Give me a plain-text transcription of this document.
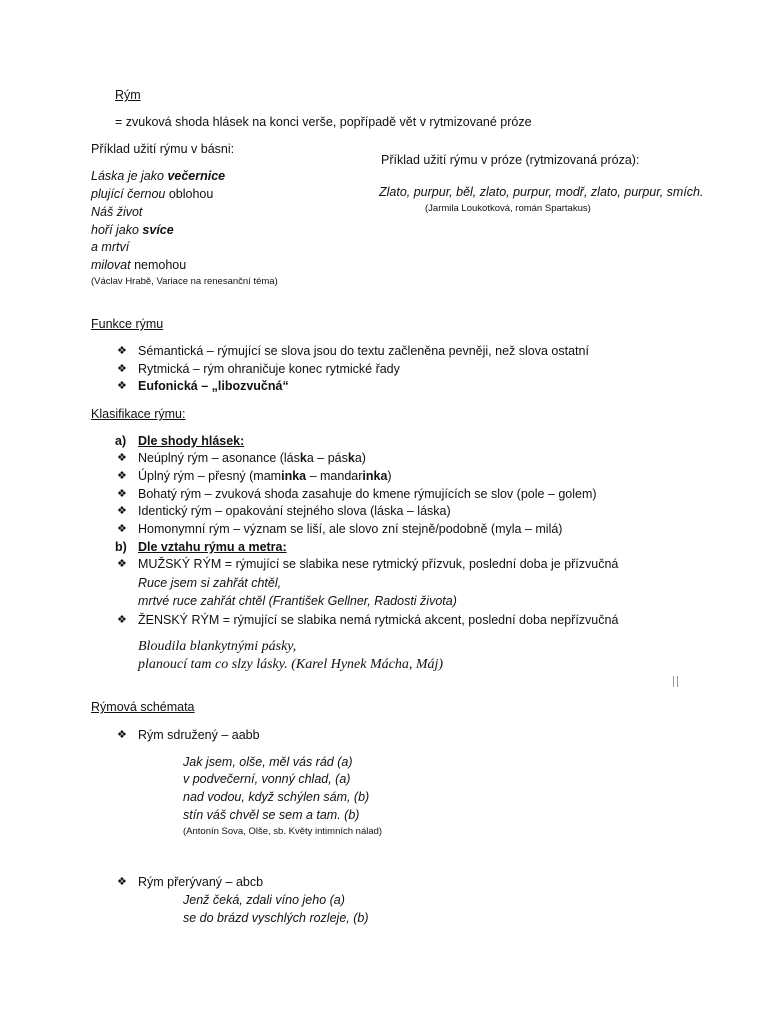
Rým
= zvuková shoda hlásek na konci verše, popřípadě vět v rytmizované próze
Příklad užití rýmu v básni:
Láska je jako večernice
plující černou oblohou
Náš život
hoří jako svíce
a mrtví
milovat nemohou
(Václav Hrabě, Variace na renesanční téma)
Příklad užití rýmu v próze (rytmizovaná próza):
Zlato, purpur, běl, zlato, purpur, modř, zlato, purpur, smích.
(Jarmila Loukotková, román Spartakus)
Funkce rýmu
❖ Sémantická – rýmující se slova jsou do textu začleněna pevněji, než slova ostatní
❖ Rytmická – rým ohraničuje konec rytmické řady
❖ Eufonická – „libozvučná“
Klasifikace rýmu:
a) Dle shody hlásek:
❖ Neúplný rým – asonance (láska – páska)
❖ Úplný rým – přesný (maminka – mandarinka)
❖ Bohatý rým – zvuková shoda zasahuje do kmene rýmujících se slov (pole – golem)
❖ Identický rým – opakování stejného slova (láska – láska)
❖ Homonymní rým – význam se liší, ale slovo zní stejně/podobně (myla – milá)
b) Dle vztahu rýmu a metra:
❖ MUŽSKÝ RÝM = rýmující se slabika nese rytmický přízvuk, poslední doba je přízvučná
Ruce jsem si zahřát chtěl,
mrtvé ruce zahřát chtěl (František Gellner, Radosti života)
❖ ŽENSKÝ RÝM = rýmující se slabika nemá rytmická akcent, poslední doba nepřízvučná
Bloudila blankytnými pásky,
planoucí tam co slzy lásky. (Karel Hynek Mácha, Máj)
Rýmová schémata
❖ Rým sdružený – aabb
Jak jsem, olše, měl vás rád (a)
v podvečerní, vonný chlad, (a)
nad vodou, když schýlen sám, (b)
stín váš chvěl se sem a tam. (b)
(Antonín Sova, Olše, sb. Květy intimních nálad)
❖ Rým přerývaný – abcb
Jenž čeká, zdali víno jeho (a)
se do brázd vyschlých rozleje, (b)
